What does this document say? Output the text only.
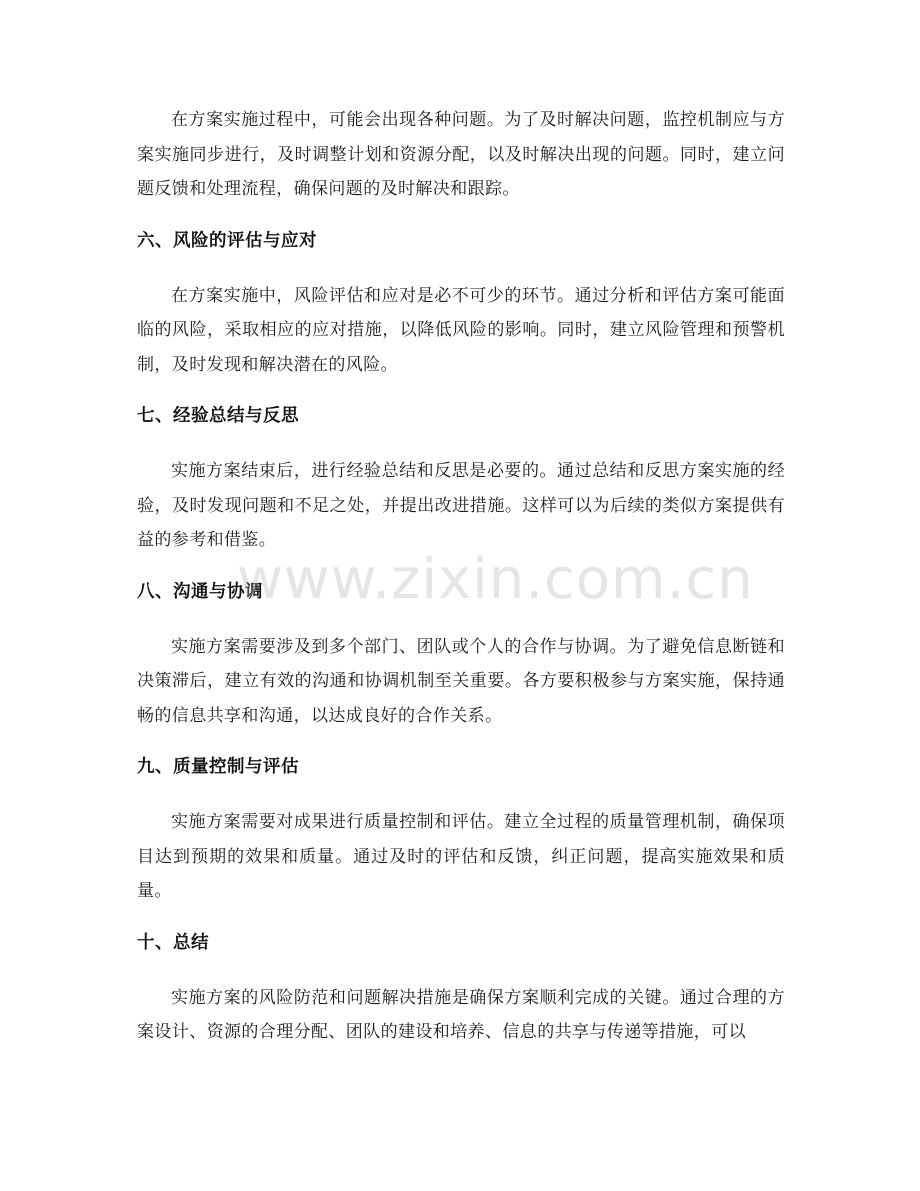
在方案实施过程中，可能会出现各种问题。为了及时解决问题，监控机制应与方案实施同步进行，及时调整计划和资源分配，以及时解决出现的问题。同时，建立问题反馈和处理流程，确保问题的及时解决和跟踪。

六、风险的评估与应对

在方案实施中，风险评估和应对是必不可少的环节。通过分析和评估方案可能面临的风险，采取相应的应对措施，以降低风险的影响。同时，建立风险管理和预警机制，及时发现和解决潜在的风险。

七、经验总结与反思

实施方案结束后，进行经验总结和反思是必要的。通过总结和反思方案实施的经验，及时发现问题和不足之处，并提出改进措施。这样可以为后续的类似方案提供有益的参考和借鉴。

八、沟通与协调

实施方案需要涉及到多个部门、团队或个人的合作与协调。为了避免信息断链和决策滞后，建立有效的沟通和协调机制至关重要。各方要积极参与方案实施，保持通畅的信息共享和沟通，以达成良好的合作关系。

九、质量控制与评估

实施方案需要对成果进行质量控制和评估。建立全过程的质量管理机制，确保项目达到预期的效果和质量。通过及时的评估和反馈，纠正问题，提高实施效果和质量。

十、总结

实施方案的风险防范和问题解决措施是确保方案顺利完成的关键。通过合理的方案设计、资源的合理分配、团队的建设和培养、信息的共享与传递等措施，可以

www.zixin.com.cn
